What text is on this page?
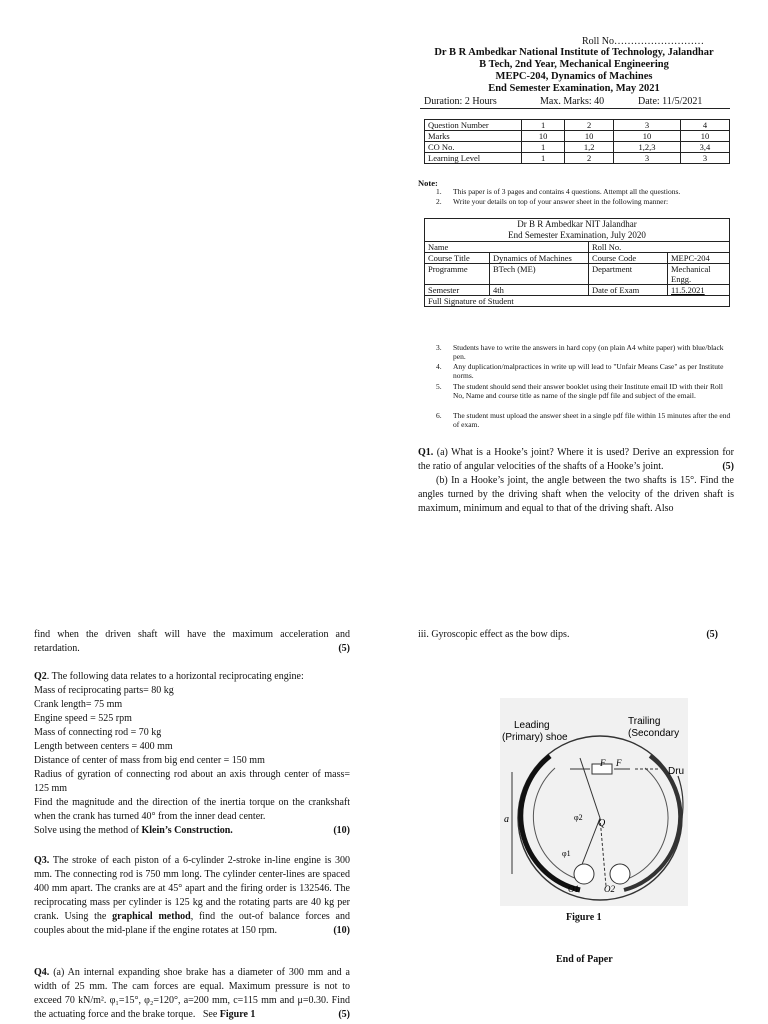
Roll No………………………
Dr B R Ambedkar National Institute of Technology, Jalandhar
B Tech, 2nd Year, Mechanical Engineering
MEPC-204, Dynamics of Machines
End Semester Examination, May 2021
Duration: 2 Hours	Max. Marks: 40	Date: 11/5/2021
Question Number	1	2	3	4
Marks	10	10	10	10
CO No.	1	1,2	1,2,3	3,4
Learning Level	1	2	3	3
Note:
1. This paper is of 3 pages and contains 4 questions. Attempt all the questions.
2. Write your details on top of your answer sheet in the following manner:
Dr B R Ambedkar NIT Jalandhar
End Semester Examination, July 2020			

Name		Roll No.	
Course Title	Dynamics of Machines	Course Code	MEPC-204
Programme	BTech (ME)	Department	Mechanical Engg.
Semester	4th	Date of Exam	11.5.2021
Full Signature of Student			
3. Students have to write the answers in hard copy (on plain A4 white paper) with blue/black pen.
4. Any duplication/malpractices in write up will lead to "Unfair Means Case" as per Institute norms.
5. The student should send their answer booklet using their Institute email ID with their Roll No, Name and course title as name of the single pdf file and subject of the email.
6. The student must upload the answer sheet in a single pdf file within 15 minutes after the end of exam.
Q1. (a) What is a Hooke’s joint? Where it is used? Derive an expression for the ratio of angular velocities of the shafts of a Hooke’s joint.	(5)
(b) In a Hooke’s joint, the angle between the two shafts is 15°. Find the angles turned by the driving shaft when the velocity of the driven shaft is maximum, minimum and equal to that of the driving shaft. Also
find when the driven shaft will have the maximum acceleration and retardation.	(5)
Q2. The following data relates to a horizontal reciprocating engine:
Mass of reciprocating parts= 80 kg
Crank length= 75 mm
Engine speed = 525 rpm
Mass of connecting rod = 70 kg
Length between centers = 400 mm
Distance of center of mass from big end center = 150 mm
Radius of gyration of connecting rod about an axis through center of mass= 125 mm
Find the magnitude and the direction of the inertia torque on the crankshaft when the crank has turned 40° from the inner dead center.
Solve using the method of Klein’s Construction.	(10)
Q3. The stroke of each piston of a 6-cylinder 2-stroke in-line engine is 300 mm. The connecting rod is 750 mm long. The cylinder center-lines are spaced 400 mm apart. The cranks are at 45° apart and the firing order is 132546. The reciprocating mass per cylinder is 125 kg and the rotating parts are 40 kg per crank. Using the graphical method, find the out-of balance forces and couples about the mid-plane if the engine rotates at 150 rpm.	(10)
Q4. (a) An internal expanding shoe brake has a diameter of 300 mm and a width of 25 mm. The cam forces are equal. Maximum pressure is not to exceed 70 kN/m². φ₁=15°, φ₂=120°, a=200 mm, c=115 mm and μ=0.30. Find the actuating force and the brake torque. See Figure 1	(5)
iii. Gyroscopic effect as the bow dips.	(5)
Leading
(Primary) shoe
Trailing
(Secondary
Dru
F F
a	φ2
φ1
Q
O1	O2
Figure 1
End of Paper
